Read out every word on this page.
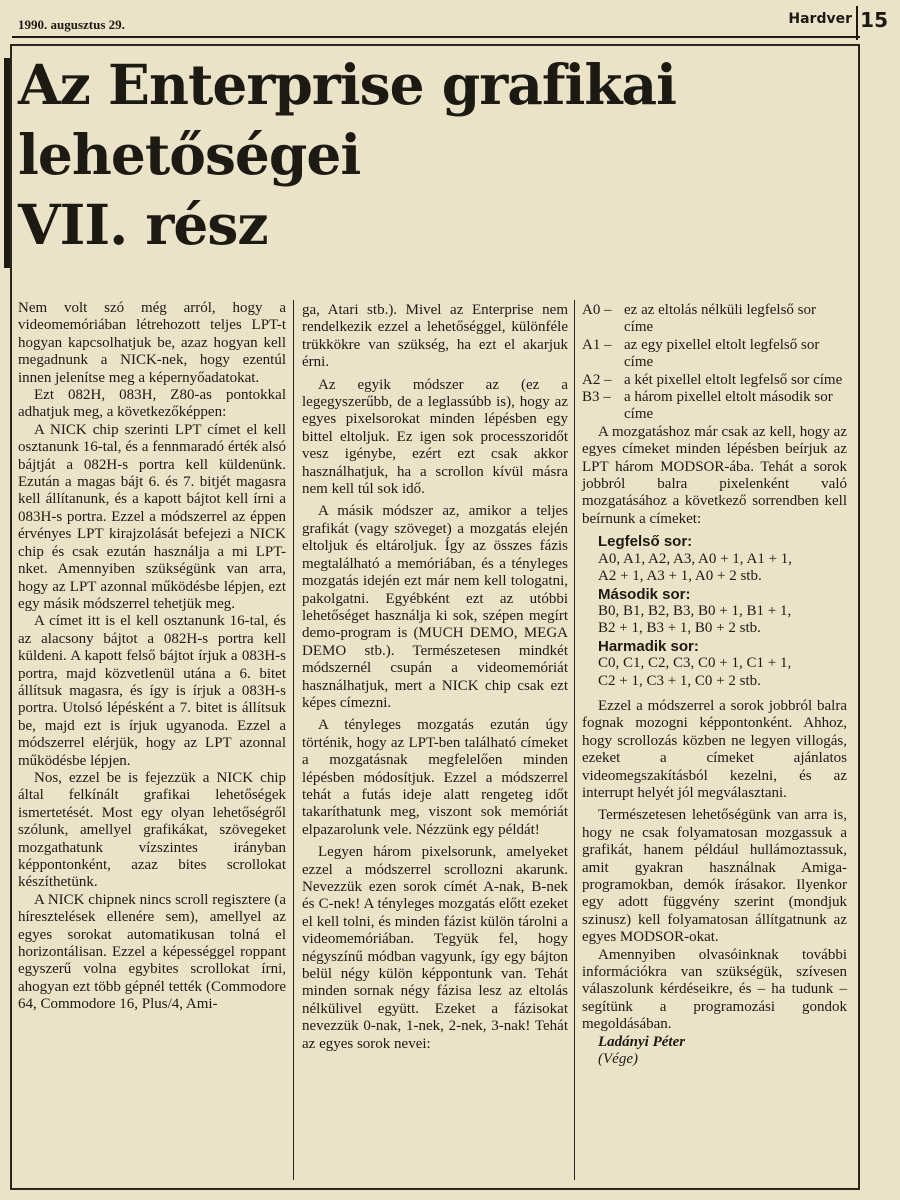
1990. augusztus 29.	Hardver 15
Az Enterprise grafikai
lehetőségei
VII. rész

Nem volt szó még arról, hogy a videomemóriában létrehozott teljes LPT-t hogyan kapcsolhatjuk be, azaz hogyan kell megadnunk a NICK-nek, hogy ezentúl innen jelenítse meg a képernyőadatokat.

Ezt 082H, 083H, Z80-as pontokkal adhatjuk meg, a következőképpen:

A NICK chip szerinti LPT címet el kell osztanunk 16-tal, és a fennmaradó érték alsó bájtját a 082H-s portra kell küldenünk. Ezután a magas bájt 6. és 7. bitjét magasra kell állítanunk, és a kapott bájtot kell írni a 083H-s portra. Ezzel a módszerrel az éppen érvényes LPT kirajzolását befejezi a NICK chip és csak ezután használja a mi LPT-nket. Amennyiben szükségünk van arra, hogy az LPT azonnal működésbe lépjen, ezt egy másik módszerrel tehetjük meg.

A címet itt is el kell osztanunk 16-tal, és az alacsony bájtot a 082H-s portra kell küldeni. A kapott felső bájtot írjuk a 083H-s portra, majd közvetlenül utána a 6. bitet állítsuk magasra, és így is írjuk a 083H-s portra. Utolsó lépésként a 7. bitet is állítsuk be, majd ezt is írjuk ugyanoda. Ezzel a módszerrel elérjük, hogy az LPT azonnal működésbe lépjen.

Nos, ezzel be is fejezzük a NICK chip által felkínált grafikai lehetőségek ismertetését. Most egy olyan lehetőségről szólunk, amellyel grafikákat, szövegeket mozgathatunk vízszintes irányban képpontonként, azaz bites scrollokat készíthetünk.

A NICK chipnek nincs scroll regisztere (a híresztelések ellenére sem), amellyel az egyes sorokat automatikusan tolná el horizontálisan. Ezzel a képességgel roppant egyszerű volna egybites scrollokat írni, ahogyan ezt több gépnél tették (Commodore 64, Commodore 16, Plus/4, Ami-

ga, Atari stb.). Mivel az Enterprise nem rendelkezik ezzel a lehetőséggel, különféle trükkökre van szükség, ha ezt el akarjuk érni.

Az egyik módszer az (ez a legegyszerűbb, de a leglassúbb is), hogy az egyes pixelsorokat minden lépésben egy bittel eltoljuk. Ez igen sok processzoridőt vesz igénybe, ezért ezt csak akkor használhatjuk, ha a scrollon kívül másra nem kell túl sok idő.

A másik módszer az, amikor a teljes grafikát (vagy szöveget) a mozgatás elején eltoljuk és eltároljuk. Így az összes fázis megtalálható a memóriában, és a tényleges mozgatás idején ezt már nem kell tologatni, pakolgatni. Egyébként ezt az utóbbi lehetőséget használja ki sok, szépen megírt demo-program is (MUCH DEMO, MEGA DEMO stb.). Természetesen mindkét módszernél csupán a videomemóriát használhatjuk, mert a NICK chip csak ezt képes címezni.

A tényleges mozgatás ezután úgy történik, hogy az LPT-ben található címeket a mozgatásnak megfelelően minden lépésben módosítjuk. Ezzel a módszerrel tehát a futás ideje alatt rengeteg időt takaríthatunk meg, viszont sok memóriát elpazarolunk vele. Nézzünk egy példát!

Legyen három pixelsorunk, amelyeket ezzel a módszerrel scrollozni akarunk. Nevezzük ezen sorok címét A-nak, B-nek és C-nek! A tényleges mozgatás előtt ezeket el kell tolni, és minden fázist külön tárolni a videomemóriában. Tegyük fel, hogy négyszínű módban vagyunk, így egy bájton belül négy külön képpontunk van. Tehát minden sornak négy fázisa lesz az eltolás nélkülivel együtt. Ezeket a fázisokat nevezzük 0-nak, 1-nek, 2-nek, 3-nak! Tehát az egyes sorok nevei:

A0 – ez az eltolás nélküli legfelső sor címe
A1 – az egy pixellel eltolt legfelső sor címe
A2 – a két pixellel eltolt legfelső sor címe
B3 – a három pixellel eltolt második sor címe

A mozgatáshoz már csak az kell, hogy az egyes címeket minden lépésben beírjuk az LPT három MODSOR-ába. Tehát a sorok jobbról balra pixelenként való mozgatásához a következő sorrendben kell beírnunk a címeket:

Legfelső sor:

A0, A1, A2, A3, A0 + 1, A1 + 1,

A2 + 1, A3 + 1, A0 + 2 stb.

Második sor:

B0, B1, B2, B3, B0 + 1, B1 + 1,

B2 + 1, B3 + 1, B0 + 2 stb.

Harmadik sor:

C0, C1, C2, C3, C0 + 1, C1 + 1,

C2 + 1, C3 + 1, C0 + 2 stb.

Ezzel a módszerrel a sorok jobbról balra fognak mozogni képpontonként. Ahhoz, hogy scrollozás közben ne legyen villogás, ezeket a címeket ajánlatos videomegszakításból kezelni, és az interrupt helyét jól megválasztani.

Természetesen lehetőségünk van arra is, hogy ne csak folyamatosan mozgassuk a grafikát, hanem például hullámoztassuk, amit gyakran használnak Amiga-programokban, demók írásakor. Ilyenkor egy adott függvény szerint (mondjuk szinusz) kell folyamatosan állítgatnunk az egyes MODSOR-okat.

Amennyiben olvasóinknak további információkra van szükségük, szívesen válaszolunk kérdéseikre, és – ha tudunk – segítünk a programozási gondok megoldásában.

Ladányi Péter

(Vége)
